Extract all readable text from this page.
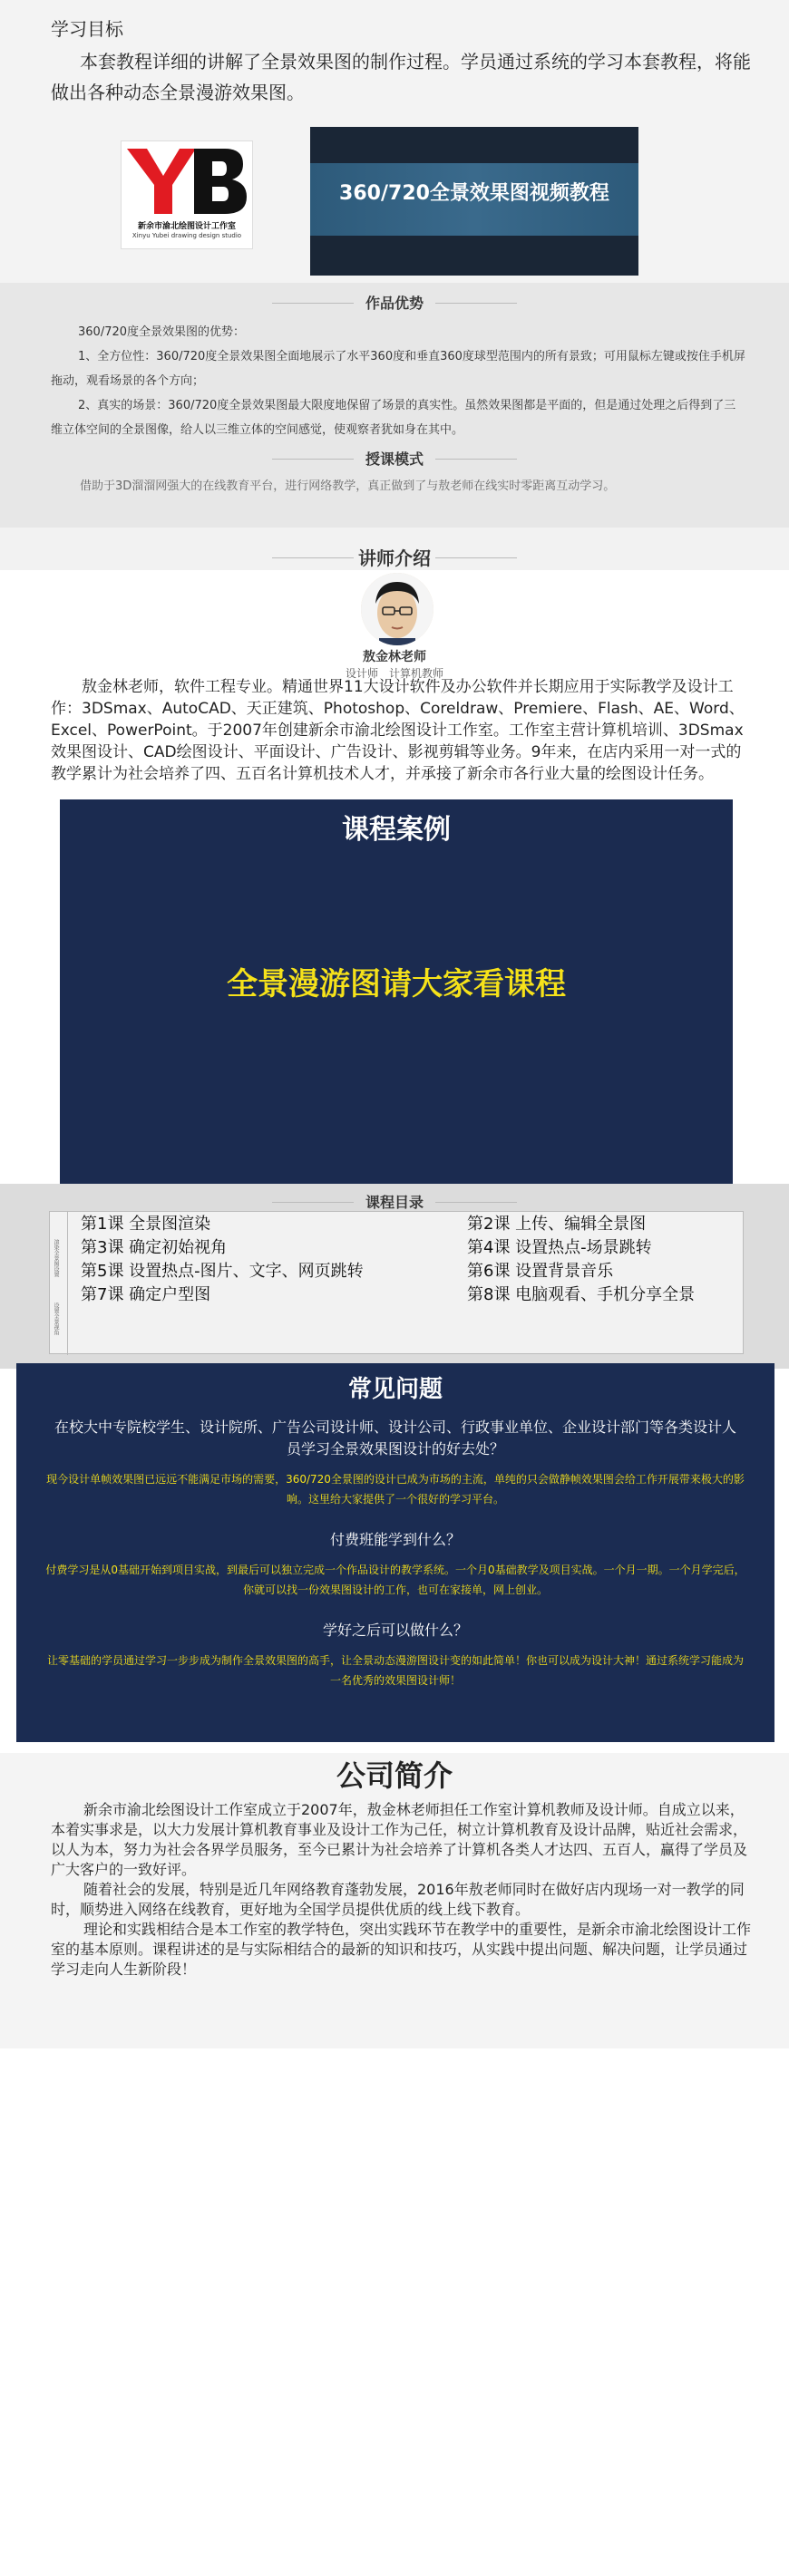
学习目标

本套教程详细的讲解了全景效果图的制作过程。学员通过系统的学习本套教程，将能做出各种动态全景漫游效果图。

新余市渝北绘图设计工作室
Xinyu Yubei drawing design studio
360/720全景效果图视频教程
作品优势
360/720度全景效果图的优势：
1、全方位性：360/720度全景效果图全面地展示了水平360度和垂直360度球型范围内的所有景致；可用鼠标左键或按住手机屏拖动，观看场景的各个方向；
2、真实的场景：360/720度全景效果图最大限度地保留了场景的真实性。虽然效果图都是平面的，但是通过处理之后得到了三维立体空间的全景图像，给人以三维立体的空间感觉，使观察者犹如身在其中。
授课模式
借助于3D溜溜网强大的在线教育平台，进行网络教学，真正做到了与敖老师在线实时零距离互动学习。
讲师介绍
敖金林老师
设计师　计算机教师
敖金林老师，软件工程专业。精通世界11大设计软件及办公软件并长期应用于实际教学及设计工作：3DSmax、AutoCAD、天正建筑、Photoshop、Coreldraw、Premiere、Flash、AE、Word、Excel、PowerPoint。于2007年创建新余市渝北绘图设计工作室。工作室主营计算机培训、3DSmax效果图设计、CAD绘图设计、平面设计、广告设计、影视剪辑等业务。9年来，在店内采用一对一式的教学累计为社会培养了四、五百名计算机技术人才，并承接了新余市各行业大量的绘图设计任务。
课程案例
全景漫游图请大家看课程
课程目录
渲染全景图设置
设置全景视角
第1课 全景图渲染	第2课 上传、编辑全景图
第3课 确定初始视角	第4课 设置热点-场景跳转
第5课 设置热点-图片、文字、网页跳转	第6课 设置背景音乐
第7课 确定户型图	第8课 电脑观看、手机分享全景
常见问题
在校大中专院校学生、设计院所、广告公司设计师、设计公司、行政事业单位、企业设计部门等各类设计人员学习全景效果图设计的好去处？
现今设计单帧效果图已远远不能满足市场的需要，360/720全景图的设计已成为市场的主流，单纯的只会做静帧效果图会给工作开展带来极大的影响。这里给大家提供了一个很好的学习平台。
付费班能学到什么？
付费学习是从0基础开始到项目实战，到最后可以独立完成一个作品设计的教学系统。一个月0基础教学及项目实战。一个月一期。一个月学完后，你就可以找一份效果图设计的工作，也可在家接单，网上创业。
学好之后可以做什么？
让零基础的学员通过学习一步步成为制作全景效果图的高手，让全景动态漫游图设计变的如此简单！你也可以成为设计大神！通过系统学习能成为一名优秀的效果图设计师！
公司简介

新余市渝北绘图设计工作室成立于2007年，敖金林老师担任工作室计算机教师及设计师。自成立以来，本着实事求是，以大力发展计算机教育事业及设计工作为己任，树立计算机教育及设计品牌，贴近社会需求，以人为本，努力为社会各界学员服务，至今已累计为社会培养了计算机各类人才达四、五百人，赢得了学员及广大客户的一致好评。

随着社会的发展，特别是近几年网络教育蓬勃发展，2016年敖老师同时在做好店内现场一对一教学的同时，顺势进入网络在线教育，更好地为全国学员提供优质的线上线下教育。

理论和实践相结合是本工作室的教学特色，突出实践环节在教学中的重要性，是新余市渝北绘图设计工作室的基本原则。课程讲述的是与实际相结合的最新的知识和技巧，从实践中提出问题、解决问题，让学员通过学习走向人生新阶段！
